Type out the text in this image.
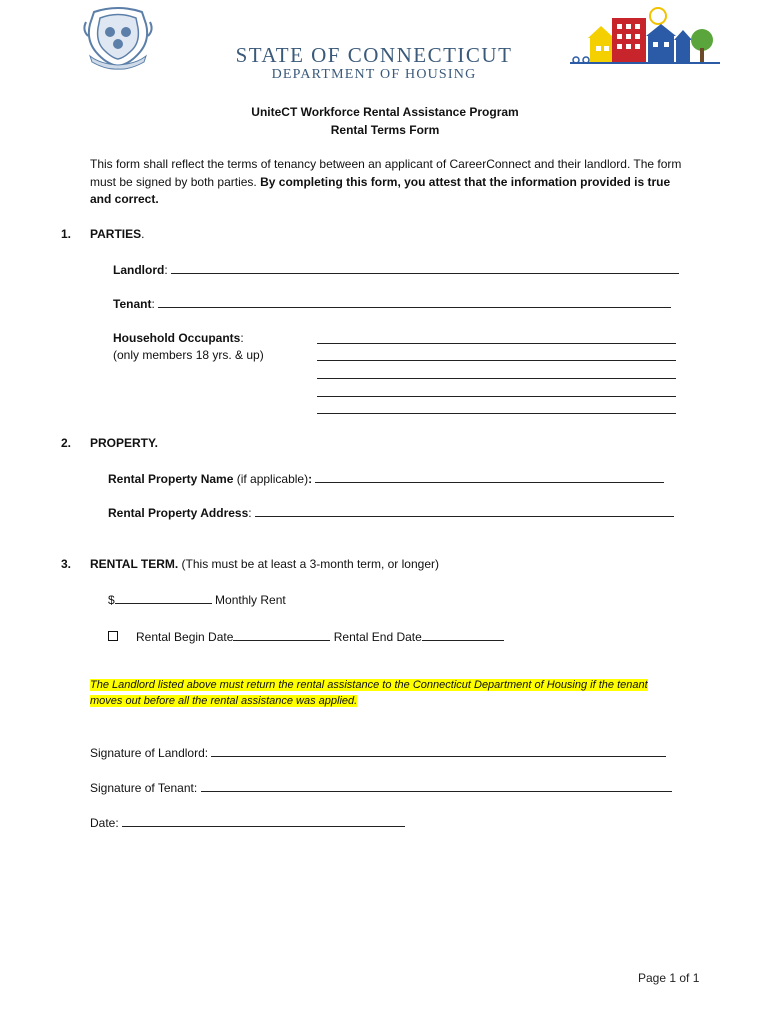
STATE OF CONNECTICUT
DEPARTMENT OF HOUSING
UniteCT Workforce Rental Assistance Program
Rental Terms Form
This form shall reflect the terms of tenancy between an applicant of CareerConnect and their landlord. The form must be signed by both parties. By completing this form, you attest that the information provided is true and correct.
1. PARTIES.
Landlord:
Tenant:
Household Occupants:
(only members 18 yrs. & up)
2. PROPERTY.
Rental Property Name (if applicable):
Rental Property Address:
3. RENTAL TERM. (This must be at least a 3-month term, or longer)
$	Monthly Rent
Rental Begin Date	Rental End Date
The Landlord listed above must return the rental assistance to the Connecticut Department of Housing if the tenant moves out before all the rental assistance was applied.
Signature of Landlord:
Signature of Tenant:
Date:
Page 1 of 1
